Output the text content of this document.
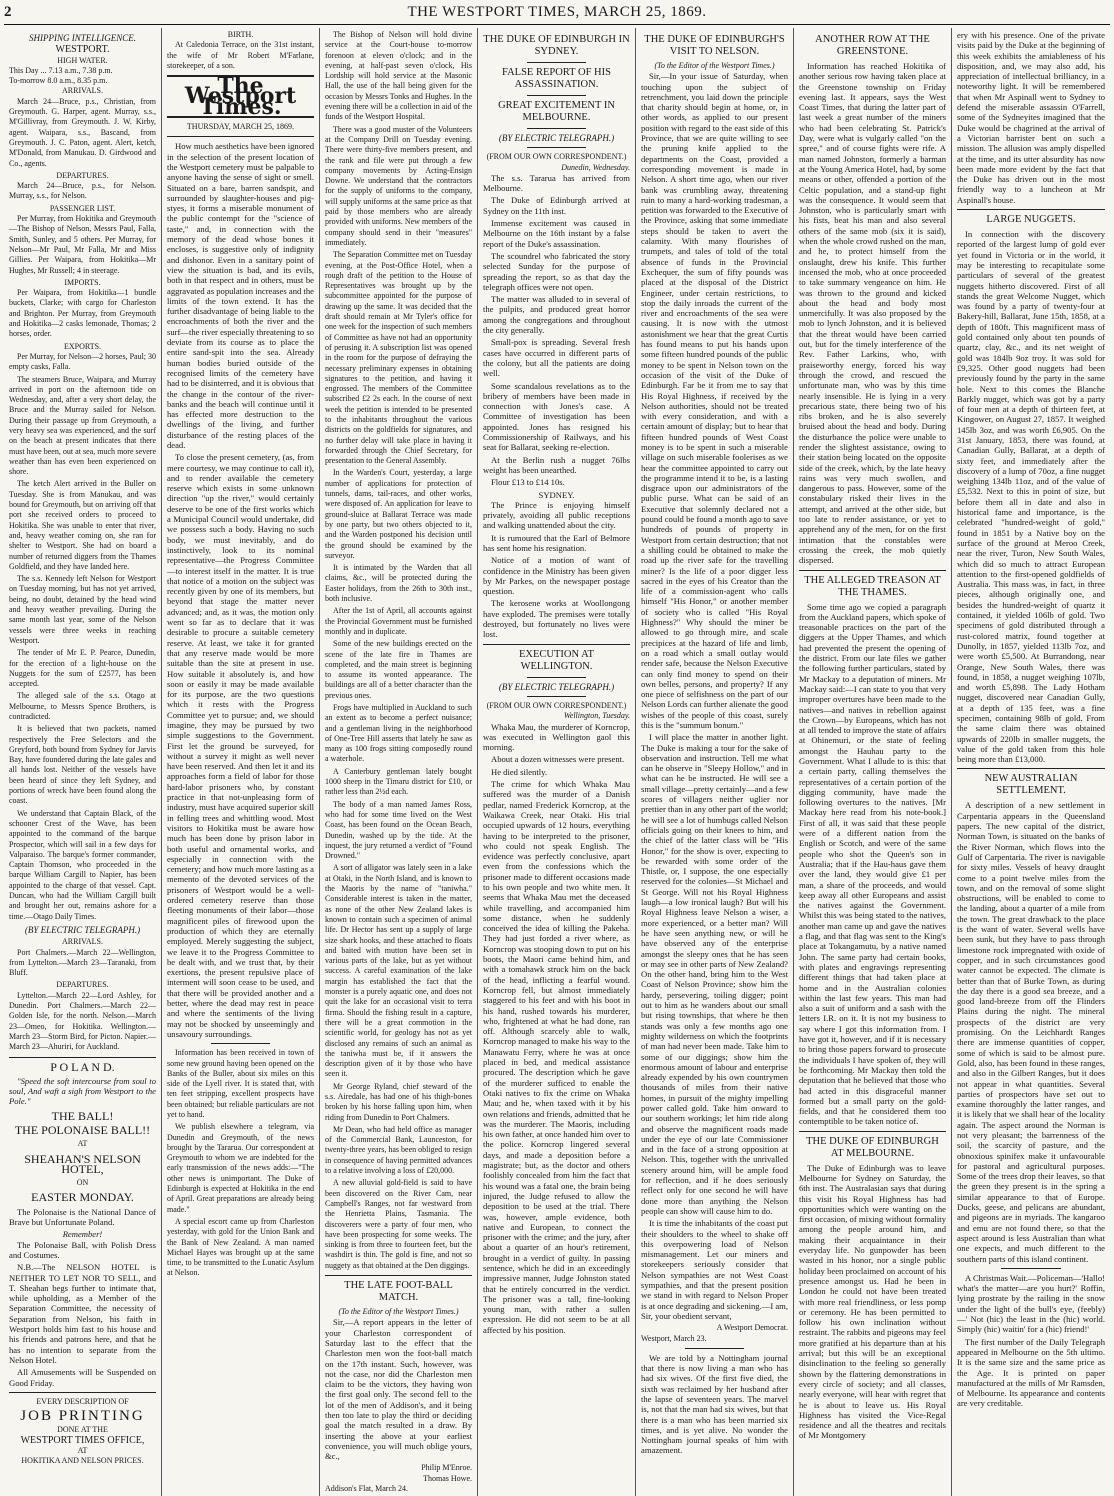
2	THE WESTPORT TIMES, MARCH 25, 1869.
SHIPPING INTELLIGENCE.
WESTPORT.
HIGH WATER.
This Day ... 7.13 a.m., 7.38 p.m.
To-morrow 8.0 a.m., 8.35 p.m.
ARRIVALS.

March 24—Bruce, p.s., Christian, from Greymouth. G. Harper, agent. Murray, s.s., M'Gillivray, from Greymouth. J. W. Kirby, agent. Waipara, s.s., Bascand, from Greymouth. J. C. Paton, agent. Alert, ketch, M'Donald, from Manukau. D. Girdwood and Co., agents.

DEPARTURES.

March 24—Bruce, p.s., for Nelson. Murray, s.s., for Nelson.

PASSENGER LIST.

Per Murray, from Hokitika and Greymouth—The Bishop of Nelson, Messrs Paul, Falla, Smith, Sunley, and 5 others. Per Murray, for Nelson—Mr Paul, Mr Falla, Mr and Miss Gillies. Per Waipara, from Hokitika—Mr Hughes, Mr Russell; 4 in steerage.

IMPORTS.

Per Waipara, from Hokitika—1 bundle buckets, Clarke; with cargo for Charleston and Brighton. Per Murray, from Greymouth and Hokitika—2 casks lemonade, Thomas; 2 horses, order.

EXPORTS.

Per Murray, for Nelson—2 horses, Paul; 30 empty casks, Falla.

The steamers Bruce, Waipara, and Murray arrived in port on the afternoon tide on Wednesday, and, after a very short delay, the Bruce and the Murray sailed for Nelson. During their passage up from Greymouth, a very heavy sea was experienced, and the surf on the beach at present indicates that there must have been, out at sea, much more severe weather than has even been experienced on shore.

The ketch Alert arrived in the Buller on Tuesday. She is from Manukau, and was bound for Greymouth, but on arriving off that port she received orders to proceed to Hokitika. She was unable to enter that river, and, heavy weather coming on, she ran for shelter to Westport. She had on board a number of returned diggers from the Thames Goldfield, and they have landed here.

The s.s. Kennedy left Nelson for Westport on Tuesday morning, but has not yet arrived, being, no doubt, detained by the head wind and heavy weather prevailing. During the same month last year, some of the Nelson vessels were three weeks in reaching Westport.

The tender of Mr E. P. Pearce, Dunedin, for the erection of a light-house on the Nuggets for the sum of £2577, has been accepted.

The alleged sale of the s.s. Otago at Melbourne, to Messrs Spence Brothers, is contradicted.

It is believed that two packets, named respectively the Free Selectors and the Greyford, both bound from Sydney for Jarvis Bay, have foundered during the late gales and all hands lost. Neither of the vessels have been heard of since they left Sydney, and portions of wreck have been found along the coast.

We understand that Captain Black, of the schooner Crest of the Wave, has been appointed to the command of the barque Prospector, which will sail in a few days for Valparaiso. The barque's former commander, Captain Thomson, who proceeded in the barque William Cargill to Napier, has been appointed to the charge of that vessel. Capt. Duncan, who had the William Cargill built and brought her out, remains ashore for a time.—Otago Daily Times.

(BY ELECTRIC TELEGRAPH.)
ARRIVALS.

Port Chalmers.—March 22—Wellington, from Lyttelton.—March 23—Taranaki, from Bluff.

DEPARTURES.

Lyttelton.—March 22—Lord Ashley, for Dunedin. Port Chalmers.—March 22—Golden Isle, for the north. Nelson.—March 23—Omeo, for Hokitika. Wellington.—March 23—Storm Bird, for Picton. Napier.—March 23—Ahuriri, for Auckland.

P O L A N D.

"Speed the soft intercourse from soul to soul, And waft a sigh from Westport to the Pole."

THE BALL!
THE POLONAISE BALL!!
AT
SHEAHAN'S NELSON HOTEL,
ON
EASTER MONDAY.

The Polonaise is the National Dance of Brave but Unfortunate Poland.

Remember!

The Polonaise Ball, with Polish Dress and Costumes.

N.B.—The NELSON HOTEL is NEITHER TO LET NOR TO SELL, and T. Sheahan begs further to intimate that, while upholding, as a Member of the Separation Committee, the necessity of Separation from Nelson, his faith in Westport holds him fast to his house and his friends and patrons here, and that he has no intention to separate from the Nelson Hotel.

All Amusements will be Suspended on Good Friday.

EVERY DESCRIPTION OF
JOB PRINTING
DONE AT THE
WESTPORT TIMES OFFICE,
AT
HOKITIKA AND NELSON PRICES.
BIRTH.

At Caledonia Terrace, on the 31st instant, the wife of Mr Robert M'Farlane, storekeeper, of a son.

The Westport Times.
THURSDAY, MARCH 25, 1869.

How much aesthetics have been ignored in the selection of the present location of the Westport cemetery must be palpable to anyone having the sense of sight or smell. Situated on a bare, barren sandspit, and surrounded by slaughter-houses and pig-styes, it forms a miserable monument of the public contempt for the "science of taste," and, in connection with the memory of the dead whose bones it encloses, is suggestive only of indignity and dishonor. Even in a sanitary point of view the situation is bad, and its evils, both in that respect and in others, must be aggravated as population increases and the limits of the town extend. It has the further disadvantage of being liable to the encroachments of both the river and the surf—the river especially threatening to so deviate from its course as to place the entire sand-spit into the sea. Already human bodies buried outside of the recognised limits of the cemetery have had to be disinterred, and it is obvious that the change in the contour of the river-banks and the beach will continue until it has effected more destruction to the dwellings of the living, and further disturbance of the resting places of the dead.

To close the present cemetery, (as, from mere courtesy, we may continue to call it), and to render available the cemetery reserve which exists in some unknown direction "up the river," would certainly deserve to be one of the first works which a Municipal Council would undertake, did we possess such a body. Having no such body, we must inevitably, and do instinctively, look to its nominal representative—the Progress Committee —to interest itself in the matter. It is true that notice of a motion on the subject was recently given by one of its members, but beyond that stage the matter never advanced; and, as it was, the motion only went so far as to declare that it was desirable to procure a suitable cemetery reserve. At least, we take it for granted that any reserve made would be more suitable than the site at present in use. How suitable it absolutely is, and how soon or easily it may be made available for its purpose, are the two questions which it rests with the Progress Committee yet to pursue; and, we should imagine, they may be pursued by two simple suggestions to the Government. First let the ground be surveyed, for without a survey it might as well never have been reserved. And then let it and its approaches form a field of labor for those hard-labor prisoners who, by constant practice in that not-unpleasing form of industry, must have acquired superior skill in felling trees and whittling wood. Most visitors to Hokitika must be aware how much has been done by prison labor in both useful and ornamental works, and especially in connection with the cemetery; and how much more lasting as a memento of the devoted services of the prisoners of Westport would be a well-ordered cemetery reserve than those fleeting monuments of their labor—those magnificent piles of firewood upon the production of which they are eternally employed. Merely suggesting the subject, we leave it to the Progress Committee to be dealt with, and we trust that, by their exertions, the present repulsive place of interment will soon cease to be used, and that there will be provided another and a better, where the dead may rest in peace and where the sentiments of the living may not be shocked by unseemingly and unsavoury surroundings.

Information has been received in town of some new ground having been opened on the Banks of the Buller, about six miles on this side of the Lyell river. It is stated that, with ten feet stripping, excellent prospects have been obtained; but reliable particulars are not yet to hand.

We publish elsewhere a telegram, via Dunedin and Greymouth, of the news brought by the Tararua. Our correspondent at Greymouth to whom we are indebted for the early transmission of the news adds:—"The other news is unimportant. The Duke of Edinburgh is expected at Hokitika in the end of April. Great preparations are already being made."

A special escort came up from Charleston yesterday, with gold for the Union Bank and the Bank of New Zealand. A man named Michael Hayes was brought up at the same time, to be transmitted to the Lunatic Asylum at Nelson.

The Bishop of Nelson will hold divine service at the Court-house to-morrow forenoon at eleven o'clock; and in the evening, at half-past seven o'clock, His Lordship will hold service at the Masonic Hall, the use of the hall being given for the occasion by Messrs Tonks and Hughes. In the evening there will be a collection in aid of the funds of the Westport Hospital.

There was a good muster of the Volunteers at the Company Drill on Tuesday evening. There were thirty-five members present, and the rank and file were put through a few company movements by Acting-Ensign Downe. We understand that the contractors for the supply of uniforms to the company, will supply uniforms at the same price as that paid by those members who are already provided with uniforms. New members of the company should send in their "measures" immediately.

The Separation Committee met on Tuesday evening, at the Post-Office Hotel, when a rough draft of the petition to the House of Representatives was brought up by the subcommittee appointed for the purpose of drawing up the same. It was decided that the draft should remain at Mr Tyler's office for one week for the inspection of such members of Committee as have not had an opportunity of perusing it. A subscription list was opened in the room for the purpose of defraying the necessary preliminary expenses in obtaining signatures to the petition, and having it engrossed. The members of the Committee subscribed £2 2s each. In the course of next week the petition is intended to be presented to the inhabitants throughout the various districts on the goldfields for signatures, and no further delay will take place in having it forwarded through the Chief Secretary, for presentation to the General Assembly.

In the Warden's Court, yesterday, a large number of applications for protection of tunnels, dams, tail-races, and other works, were disposed of. An application for leave to ground-sluice at Ballarat Terrace was made by one party, but two others objected to it, and the Warden postponed his decision until the ground should be examined by the surveyor.

It is intimated by the Warden that all claims, &c., will be protected during the Easter holidays, from the 26th to 30th inst., both inclusive.

After the 1st of April, all accounts against the Provincial Government must be furnished monthly and in duplicate.

Some of the new buildings erected on the scene of the late fire in Thames are completed, and the main street is beginning to assume its wonted appearance. The buildings are all of a better character than the previous ones.

Frogs have multiplied in Auckland to such an extent as to become a perfect nuisance; and a gentleman living in the neighborhood of One-Tree Hill asserts that lately he saw as many as 100 frogs sitting composedly round a waterhole.

A Canterbury gentleman lately bought 1000 sheep in the Timaru district for £10, or rather less than 2½d each.

The body of a man named James Ross, who had for some time lived on the West Coast, has been found on the Ocean Beach, Dunedin, washed up by the tide. At the inquest, the jury returned a verdict of "Found Drowned."

A sort of alligator was lately seen in a lake at Otaki, in the North Island, and is known to the Maoris by the name of "taniwha." Considerable interest is taken in the matter, as none of the other New Zealand lakes is known to contain such a specimen of animal life. Dr Hector has sent up a supply of large size shark hooks, and these attached to floats and baited with mutton have been set in various parts of the lake, but as yet without success. A careful examination of the lake margin has established the fact that the monster is a purely aquatic one, and does not quit the lake for an occasional visit to terra firma. Should the fishing result in a capture, there will be a great commotion in the scientific world, for geology has not as yet disclosed any remains of such an animal as the taniwha must be, if it answers the description given of it by those who have seen it.

Mr George Ryland, chief steward of the s.s. Airedale, has had one of his thigh-bones broken by his horse falling upon him, when riding from Dunedin to Port Chalmers.

Mr Dean, who had held office as manager of the Commercial Bank, Launceston, for twenty-three years, has been obliged to resign in consequence of having permitted advances to a relative involving a loss of £20,000.

A new alluvial gold-field is said to have been discovered on the River Cam, near Campbell's Ranges, not far westward from the Henrietta Plains, Tasmania. The discoverers were a party of four men, who have been prospecting for some weeks. The sinking is from three to fourteen feet, but the washdirt is thin. The gold is fine, and not so nuggety as that obtained at the Den diggings.

THE LATE FOOT-BALL MATCH.
(To the Editor of the Westport Times.)

Sir,—A report appears in the letter of your Charleston correspondent of Saturday last to the effect that the Charleston men won the foot-ball match on the 17th instant. Such, however, was not the case, nor did the Charleston men claim to be the victors, they having won the first goal only. The second fell to the lot of the men of Addison's, and it being then too late to play the third or deciding goal the match resulted in a draw. By inserting the above at your earliest convenience, you will much oblige yours, &c.,

Philip M'Enroe.
Thomas Howe.
Addison's Flat, March 24.
THE DUKE OF EDINBURGH IN SYDNEY.
FALSE REPORT OF HIS ASSASSINATION.
GREAT EXCITEMENT IN MELBOURNE.
(BY ELECTRIC TELEGRAPH.)
(FROM OUR OWN CORRESPONDENT.)
Dunedin, Wednesday.

The s.s. Tararua has arrived from Melbourne.

The Duke of Edinburgh arrived at Sydney on the 11th inst.

Immense excitement was caused in Melbourne on the 16th instant by a false report of the Duke's assassination.

The scoundrel who fabricated the story selected Sunday for the purpose of spreading the report, so as that day the telegraph offices were not open.

The matter was alluded to in several of the pulpits, and produced great horror among the congregations and throughout the city generally.

Small-pox is spreading. Several fresh cases have occurred in different parts of the colony, but all the patients are doing well.

Some scandalous revelations as to the bribery of members have been made in connection with Jones's case. A Committee of investigation has been appointed. Jones has resigned his Commissionership of Railways, and his seat for Ballarat, seeking re-election.

At the Berlin rush a nugget 76lbs weight has been unearthed.

Flour £13 to £14 10s.

SYDNEY.

The Prince is enjoying himself privately, avoiding all public receptions and walking unattended about the city.

It is rumoured that the Earl of Belmore has sent home his resignation.

Notice of a motion of want of confidence in the Ministry has been given by Mr Parkes, on the newspaper postage question.

The kerosene works at Woollongong have exploded. The premises were totally destroyed, but fortunately no lives were lost.

EXECUTION AT WELLINGTON.
(BY ELECTRIC TELEGRAPH.)
(FROM OUR OWN CORRESPONDENT.)
Wellington, Tuesday.

Whaka Mau, the murderer of Korncrop, was executed in Wellington gaol this morning.

About a dozen witnesses were present.

He died silently.

The crime for which Whaka Mau suffered was the murder of a Danish pedlar, named Frederick Korncrop, at the Waikawa Creek, near Otaki. His trial occupied upwards of 12 hours, everything having to be interpreted to the prisoner, who could not speak English. The evidence was perfectly conclusive, apart even from the confessions which the prisoner made to different occasions made to his own people and two white men. It seems that Whaka Mau met the deceased while travelling, and accompanied him some distance, when he suddenly conceived the idea of killing the Pakeha. They had just forded a river where, as Korncrop was stooping down to put on his boots, the Maori came behind him, and with a tomahawk struck him on the back of the head, inflicting a fearful wound. Korncrop fell, but almost immediately staggered to his feet and with his boot in his hand, rushed towards his murderer, who, frightened at what he had done, ran off. Although scarcely able to walk, Korncrop managed to make his way to the Manawatu Ferry, where he was at once placed in bed, and medical assistance procured. The description which he gave of the murderer sufficed to enable the Otaki natives to fix the crime on Whaka Mau; and he, when taxed with it by his own relations and friends, admitted that he was the murderer. The Maoris, including his own father, at once handed him over to the police. Korncrop lingered several days, and made a deposition before a magistrate; but, as the doctor and others foolishly concealed from him the fact that his wound was a fatal one, the brain being injured, the Judge refused to allow the deposition to be used at the trial. There was, however, ample evidence, both native and European, to connect the prisoner with the crime; and the jury, after about a quarter of an hour's retirement, brought in a verdict of guilty. In passing sentence, which he did in an exceedingly impressive manner, Judge Johnston stated that he entirely concurred in the verdict. The prisoner was a tall, fine-looking young man, with rather a sullen expression. He did not seem to be at all affected by his position.

THE DUKE OF EDINBURGH'S VISIT TO NELSON.
(To the Editor of the Westport Times.)

Sir,—In your issue of Saturday, when touching upon the subject of retrenchment, you laid down the principle that charity should begin at home, or, in other words, as applied to our present position with regard to the east side of this Province, that we are quite willing to see the pruning knife applied to the departments on the Coast, provided a corresponding movement is made in Nelson. A short time ago, when our river bank was crumbling away, threatening ruin to many a hard-working tradesman, a petition was forwarded to the Executive of the Province, asking that some immediate steps should be taken to avert the calamity. With many flourishes of trumpets, and tales of told of the total absence of funds in the Provincial Exchequer, the sum of fifty pounds was placed at the disposal of the District Engineer, under certain restrictions, to stop the daily inroads the current of the river and encroachments of the sea were causing. It is now with the utmost astonishment we hear that the great Curtis has found means to put his hands upon some fifteen hundred pounds of the public money to be spent in Nelson town on the occasion of the visit of the Duke of Edinburgh. Far be it from me to say that His Royal Highness, if received by the Nelson authorities, should not be treated with every consideration, and with a certain amount of display; but to hear that fifteen hundred pounds of West Coast money is to be spent in such a miserable village on such miserable foolerises as we hear the committee appointed to carry out the programme intend it to be, is a lasting disgrace upon our administrators of the public purse. What can be said of an Executive that solemnly declared not a pound could be found a month ago to save hundreds of pounds of property in Westport from certain destruction; that not a shilling could be obtained to make the road up the river safe for the travelling miner? Is the life of a poor digger less sacred in the eyes of his Creator than the life of a commission-agent who calls himself "His Honor," or another member of society who is called "His Royal Highness?" Why should the miner be allowed to go through mire, and scale precipices at the hazard of life and limb, on a road which a small outlay would render safe, because the Nelson Executive can only find money to spend on their own belles, persons, and property? If any one piece of selfishness on the part of our Nelson Lords can further alienate the good wishes of the people of this coast, surely this is the "summum bonum."

I will place the matter in another light. The Duke is making a tour for the sake of observation and instruction. Tell me what can he observe in "Sleepy Hollow," and in what can he be instructed. He will see a small village—pretty certainly—and a few scores of villagers neither uglier nor prettier than in any other part of the world; he will see a lot of humbugs called Nelson officials going on their knees to him, and the chief of the latter class will be "His Honor," for the show is over, expecting to be rewarded with some order of the Thistle, or, I suppose, the one especially reserved for the colonies—St Michael and St George. Will not his Royal Highness laugh—a low ironical laugh? But will his Royal Highness leave Nelson a wiser, a more experienced, or a better man? Will he have seen anything new, or will he have observed any of the enterprise amongst the sleepy ones that he has seen or may see in other parts of New Zealand? On the other hand, bring him to the West Coast of Nelson Province; show him the hardy, persevering, toiling digger; point out to him as he wanders about our small but rising townships, that where he then stands was only a few months ago one mighty wilderness on which the footprints of man had never been made. Take him to some of our diggings; show him the enormous amount of labour and enterprise already expended by his own countrymen thousands of miles from their native homes, in pursuit of the mighty impelling power called gold. Take him onward to our southern workings; let him ride along and observe the magnificent roads made under the eye of our late Commissioner and in the face of a strong opposition at Nelson. This, together with the unrivalled scenery around him, will be ample food for reflection, and if he does seriously reflect only for one second he will have done more than anything the Nelson people can show will cause him to do.

It is time the inhabitants of the coast put their shoulders to the wheel to shake off this overpowering load of Nelson mismanagement. Let our miners and storekeepers seriously consider that Nelson sympathies are not West Coast sympathies, and that the present position we stand in with regard to Nelson Proper is at once degrading and sickening.—I am, Sir, your obedient servant,

A Westport Democrat.
Westport, March 23.

We are told by a Nottingham journal that there is now living a man who has had six wives. Of the first five died, the sixth was reclaimed by her husband after the lapse of seventeen years. The marvel is, not that the man had six wives, but that there is a man who has been married six times, and is yet alive. No wonder the Nottingham journal speaks of him with amazement.

ANOTHER ROW AT THE GREENSTONE.

Information has reached Hokitika of another serious row having taken place at the Greenstone township on Friday evening last. It appears, says the West Coast Times, that during the latter part of last week a great number of the miners who had been celebrating St. Patrick's Day, were what is vulgarly called "on the spree," and of course fights were rife. A man named Johnston, formerly a barman at the Young America Hotel, had, by some means or other, offended a portion of the Celtic population, and a stand-up fight was the consequence. It would seem that Johnston, who is particularly smart with his fists, beat his man and also several others of the same mob (six it is said), when the whole crowd rushed on the man, and he, to protect himself from the onslaught, drew his knife. This further incensed the mob, who at once proceeded to take summary vengeance on him. He was thrown to the ground and kicked about the head and body most unmercifully. It was also proposed by the mob to lynch Johnston, and it is believed that the threat would have been carried out, but for the timely interference of the Rev. Father Larkins, who, with praiseworthy energy, forced his way through the crowd, and rescued the unfortunate man, who was by this time nearly insensible. He is lying in a very precarious state, there being two of his ribs broken, and he is also severely bruised about the head and body. During the disturbance the police were unable to render the slightest assistance, owing to their station being located on the opposite side of the creek, which, by the late heavy rains was very much swollen, and dangerous to pass. However, some of the constabulary risked their lives in the attempt, and arrived at the other side, but too late to render assistance, or yet to apprehend any of the men, for on the first intimation that the constables were crossing the creek, the mob quietly dispersed.

THE ALLEGED TREASON AT THE THAMES.

Some time ago we copied a paragraph from the Auckland papers, which spoke of treasonable practices on the part of the diggers at the Upper Thames, and which had prevented the present the opening of the district. From our late files we gather the following further particulars, stated by Mr Mackay to a deputation of miners. Mr Mackay said:—I can state to you that very improper overtures have been made to the natives—and natives in rebellion against the Crown—by Europeans, which has not at all tended to improve the state of affairs at Ohinemuri, or the state of feeling amongst the Hauhau party to the Government. What I allude to is this: that a certain party, calling themselves the representatives of a certain portion of the digging community, have made the following overtures to the natives. [Mr Mackay here read from his note-book.] First of all, it was said that these people were of a different nation from the English or Scotch, and were of the same people who shot the Queen's son in Australia; that if the Hau-haus gave them over the land, they would give £1 per man, a share of the proceeds, and would keep away all other Europeans and assist the natives against the Government. Whilst this was being stated to the natives, another man came up and gave the natives a flag, and that flag was sent to the King's place at Tokangamutu, by a native named John. The same party had certain books, with plates and engravings representing different things that had taken place at home and in the Australian colonies within the last few years. This man had also a suit of uniform and a sash with the letters I.R. on it. It is not my business to say where I got this information from. I have got it, however, and if it is necessary to bring those papers forward to prosecute the individuals I have spoken of, they will be forthcoming. Mr Mackay then told the deputation that he believed that those who had acted in this disgraceful manner formed but a small party on the gold-fields, and that he considered them too contemptible to be taken notice of.

THE DUKE OF EDINBURGH AT MELBOURNE.

The Duke of Edinburgh was to leave Melbourne for Sydney on Saturday, the 6th inst. The Australasian says that during this visit his Royal Highness has had opportunities which were wanting on the first occasion, of mixing without formality among the people around him, and making their acquaintance in their everyday life. No gunpowder has been wasted in his honor, nor a single public holiday been proclaimed on account of his presence amongst us. Had he been in London he could not have been treated with more real friendliness, or less pomp or ceremony. He has been permitted to follow his own inclination without restraint. The rabbits and pigeons may feel more gratified at his departure than at his arrival; but this will be an exceptional disinclination to the feeling so generally shown by the flattering demonstrations in every circle of society; and all classes, nearly everyone, will hear with regret that he is about to leave us. His Royal Highness has visited the Vice-Regal residence and all the theatres and recitals of Mr Montgomery

ery with his presence. One of the private visits paid by the Duke at the beginning of this week exhibits the amiableness of his disposition, and, we may also add, his appreciation of intellectual brilliancy, in a noteworthy light. It will be remembered that when Mr Aspinall went to Sydney to defend the miserable assassin O'Farrell, some of the Sydneyites imagined that the Duke would be chagrined at the arrival of a Victorian barrister bent on such a mission. The allusion was amply dispelled at the time, and its utter absurdity has now been made more evident by the fact that the Duke has driven out in the most friendly way to a luncheon at Mr Aspinall's house.

LARGE NUGGETS.

In connection with the discovery reported of the largest lump of gold ever yet found in Victoria or in the world, it may be interesting to recapitulate some particulars of several of the greatest nuggets hitherto discovered. First of all stands the great Welcome Nugget, which was found by a party of twenty-four at Bakery-hill, Ballarat, June 15th, 1858, at a depth of 180ft. This magnificent mass of gold contained only about ten pounds of quartz, clay, &c., and its net weight of gold was 184lb 9oz troy. It was sold for £9,325. Other good nuggets had been previously found by the party in the same hole. Next to this comes the Blanche Barkly nugget, which was got by a party of four men at a depth of thirteen feet, at Kingower, on August 27, 1857. It weighed 145lb 3oz, and was worth £6,905. On the 31st January, 1853, there was found, at Canadian Gully, Ballarat, at a depth of sixty feet, and immediately after the discovery of a lump of 70oz, a fine nugget weighing 134lb 11oz, and of the value of £5,532. Next to this in point of size, but before them all in date and also in historical fame and importance, is the celebrated "hundred-weight of gold," found in 1851 by a Native boy on the surface of the ground at Meroo Creek, near the river, Turon, New South Wales, which did so much to attract European attention to the first-opened goldfields of Australia. This mass was, in fact, in three pieces, although originally one, and besides the hundred-weight of quartz it contained, it yielded 106lb of gold. Two specimens of gold distributed through a rust-colored matrix, found together at Dunolly, in 1857, yielded 113lb 7oz, and were worth £5,500. At Burrandong, near Orange, New South Wales, there was found, in 1858, a nugget weighing 107lb, and worth £5,898. The Lady Hotham nugget, discovered near Canadian Gully, at a depth of 135 feet, was a fine specimen, containing 98lb of gold. From the same claim there was obtained upwards of 220lb in smaller nuggets, the value of the gold taken from this hole being more than £13,000.

NEW AUSTRALIAN SETTLEMENT.

A description of a new settlement in Carpentaria appears in the Queensland papers. The new capital of the district, Norman Town, is situated on the banks of the River Norman, which flows into the Gulf of Carpentaria. The river is navigable for sixty miles. Vessels of heavy draught come to a point twelve miles from the town, and on the removal of some slight obstructions, will be enabled to come to the landing, about a quarter of a mile from the town. The great drawback to the place is the want of water. Several wells have been sunk, but they have to pass through limestone rock impregnated with oxide of copper, and in such circumstances good water cannot be expected. The climate is better than that of Burke Town, as during the day there is a good sea breeze, and a good land-breeze from off the Flinders Plains during the night. The mineral prospects of the district are very promising. On the Leichhardt Ranges there are immense quantities of copper, some of which is said to be almost pure. Gold, also, has been found in these ranges, and also in the Gilbert Ranges, but it does not appear in what quantities. Several parties of prospectors have set out to examine thoroughly the latter ranges, and it is likely that we shall hear of the locality again. The aspect around the Norman is not very pleasant; the barrenness of the soil, the scarcity of pasture, and the obnoxious spinifex make it unfavourable for pastoral and agricultural purposes. Some of the trees drop their leaves, so that the green they present is in the spring a similar appearance to that of Europe. Ducks, geese, and pelicans are abundant, and pigeons are in myriads. The kangaroo and emu are not found there, so that the aspect around is less Australian than what one expects, and much different to the southern parts of this island continent.

A Christmas Wait.—Policeman—'Hallo! what's the matter—are you hurt?' Roffin, lying prostrate by the railing in the snow under the light of the bull's eye, (feebly)—' Not (hic) the least in the (hic) world. Simply (hic) waitin' for a (hic) friend!'

The first number of the Daily Telegraph appeared in Melbourne on the 5th ultimo. It is the same size and the same price as the Age. It is printed on paper manufactured at the mills of Mr Ramsden, of Melbourne. Its appearance and contents are very creditable.
